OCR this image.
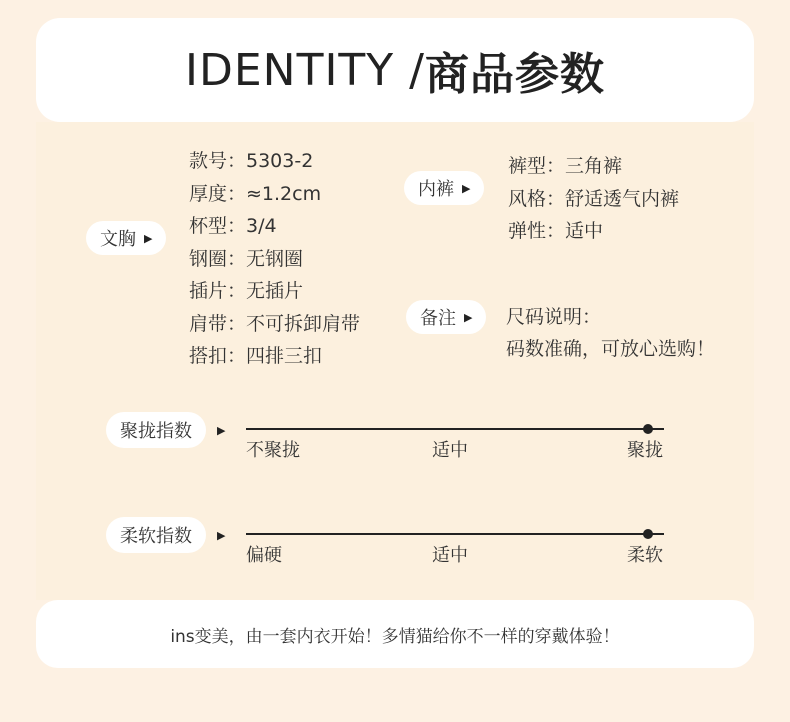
IDENTITY / 商品参数
文胸 ▶
款号：5303-2
厚度：≈1.2cm
杯型：3/4
钢圈：无钢圈
插片：无插片
肩带：不可拆卸肩带
搭扣：四排三扣
内裤 ▶
裤型：三角裤
风格：舒适透气内裤
弹性：适中
备注 ▶ 尺码说明：
码数准确，可放心选购！
聚拢指数 ▶
不聚拢	适中	聚拢
柔软指数 ▶
偏硬	适中	柔软
ins变美，由一套内衣开始！多情猫给你不一样的穿戴体验！
